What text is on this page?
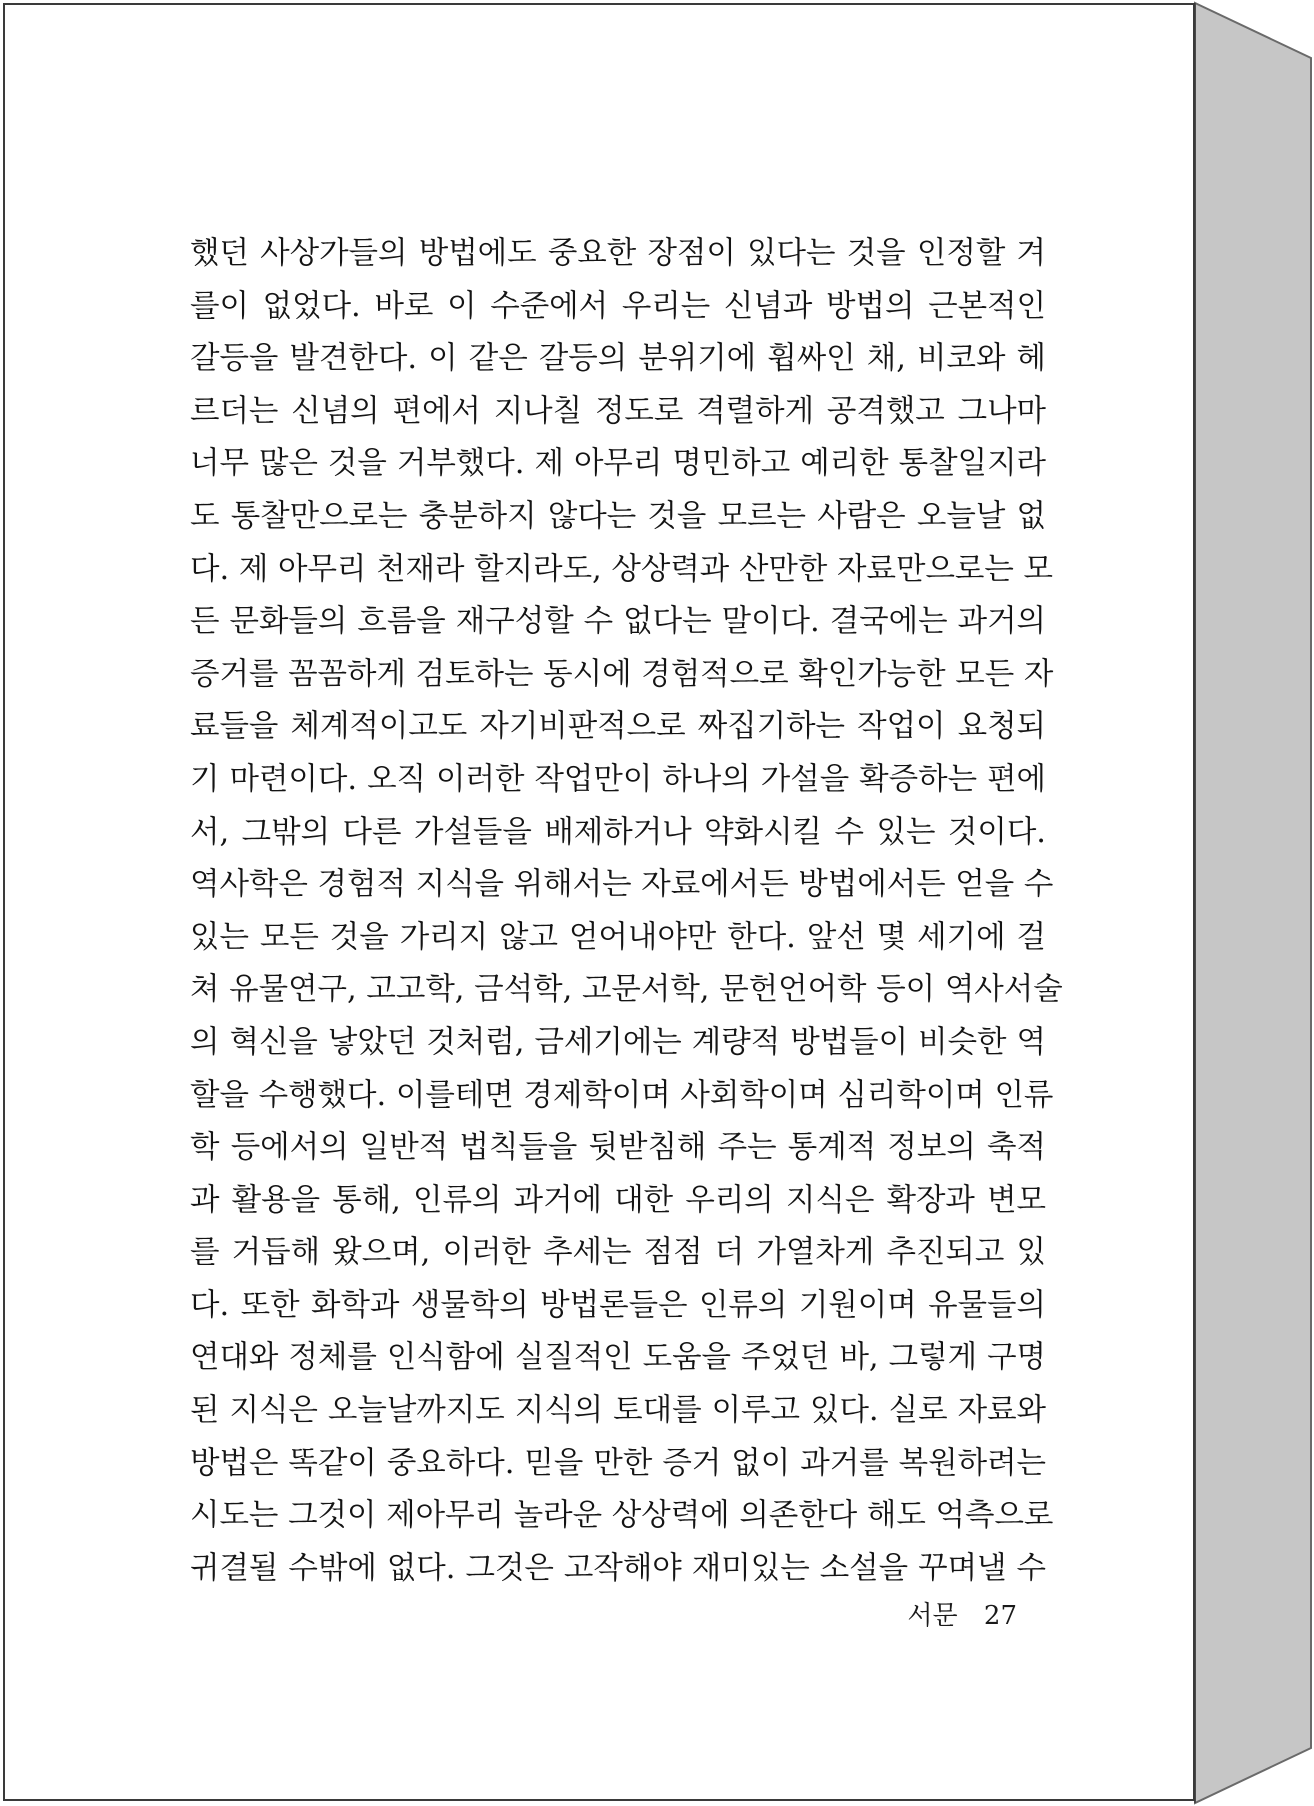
했던 사상가들의 방법에도 중요한 장점이 있다는 것을 인정할 겨
를이 없었다. 바로 이 수준에서 우리는 신념과 방법의 근본적인
갈등을 발견한다. 이 같은 갈등의 분위기에 휩싸인 채, 비코와 헤
르더는 신념의 편에서 지나칠 정도로 격렬하게 공격했고 그나마
너무 많은 것을 거부했다. 제 아무리 명민하고 예리한 통찰일지라
도 통찰만으로는 충분하지 않다는 것을 모르는 사람은 오늘날 없
다. 제 아무리 천재라 할지라도, 상상력과 산만한 자료만으로는 모
든 문화들의 흐름을 재구성할 수 없다는 말이다. 결국에는 과거의
증거를 꼼꼼하게 검토하는 동시에 경험적으로 확인가능한 모든 자
료들을 체계적이고도 자기비판적으로 짜집기하는 작업이 요청되
기 마련이다. 오직 이러한 작업만이 하나의 가설을 확증하는 편에
서, 그밖의 다른 가설들을 배제하거나 약화시킬 수 있는 것이다.
역사학은 경험적 지식을 위해서는 자료에서든 방법에서든 얻을 수
있는 모든 것을 가리지 않고 얻어내야만 한다. 앞선 몇 세기에 걸
쳐 유물연구, 고고학, 금석학, 고문서학, 문헌언어학 등이 역사서술
의 혁신을 낳았던 것처럼, 금세기에는 계량적 방법들이 비슷한 역
할을 수행했다. 이를테면 경제학이며 사회학이며 심리학이며 인류
학 등에서의 일반적 법칙들을 뒷받침해 주는 통계적 정보의 축적
과 활용을 통해, 인류의 과거에 대한 우리의 지식은 확장과 변모
를 거듭해 왔으며, 이러한 추세는 점점 더 가열차게 추진되고 있
다. 또한 화학과 생물학의 방법론들은 인류의 기원이며 유물들의
연대와 정체를 인식함에 실질적인 도움을 주었던 바, 그렇게 구명
된 지식은 오늘날까지도 지식의 토대를 이루고 있다. 실로 자료와
방법은 똑같이 중요하다. 믿을 만한 증거 없이 과거를 복원하려는
시도는 그것이 제아무리 놀라운 상상력에 의존한다 해도 억측으로
귀결될 수밖에 없다. 그것은 고작해야 재미있는 소설을 꾸며낼 수
서문 27
